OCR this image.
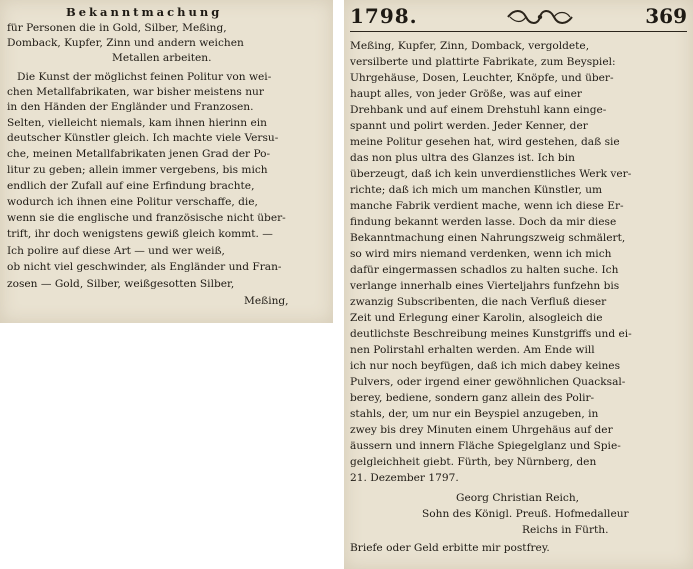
Bekanntmachung
für Personen die in Gold, Silber, Meßing,
Domback, Kupfer, Zinn und andern weichen
Metallen arbeiten.
Die Kunst der möglichst feinen Politur von wei-
chen Metallfabrikaten, war bisher meistens nur
in den Händen der Engländer und Franzosen.
Selten, vielleicht niemals, kam ihnen hierinn ein
deutscher Künstler gleich. Ich machte viele Versu-
che, meinen Metallfabrikaten jenen Grad der Po-
litur zu geben; allein immer vergebens, bis mich
endlich der Zufall auf eine Erfindung brachte,
wodurch ich ihnen eine Politur verschaffe, die,
wenn sie die englische und französische nicht über-
trift, ihr doch wenigstens gewiß gleich kommt. —
Ich polire auf diese Art — und wer weiß,
ob nicht viel geschwinder, als Engländer und Fran-
zosen — Gold, Silber, weißgesotten Silber,
Meßing,
1798.	369
Meßing, Kupfer, Zinn, Domback, vergoldete,
versilberte und plattirte Fabrikate, zum Beyspiel:
Uhrgehäuse, Dosen, Leuchter, Knöpfe, und über-
haupt alles, von jeder Größe, was auf einer
Drehbank und auf einem Drehstuhl kann einge-
spannt und polirt werden. Jeder Kenner, der
meine Politur gesehen hat, wird gestehen, daß sie
das non plus ultra des Glanzes ist. Ich bin
überzeugt, daß ich kein unverdienstliches Werk ver-
richte; daß ich mich um manchen Künstler, um
manche Fabrik verdient mache, wenn ich diese Er-
findung bekannt werden lasse. Doch da mir diese
Bekanntmachung einen Nahrungszweig schmälert,
so wird mirs niemand verdenken, wenn ich mich
dafür eingermassen schadlos zu halten suche. Ich
verlange innerhalb eines Vierteljahrs funfzehn bis
zwanzig Subscribenten, die nach Verfluß dieser
Zeit und Erlegung einer Karolin, alsogleich die
deutlichste Beschreibung meines Kunstgriffs und ei-
nen Polirstahl erhalten werden. Am Ende will
ich nur noch beyfügen, daß ich mich dabey keines
Pulvers, oder irgend einer gewöhnlichen Quacksal-
berey, bediene, sondern ganz allein des Polir-
stahls, der, um nur ein Beyspiel anzugeben, in
zwey bis drey Minuten einem Uhrgehäus auf der
äussern und innern Fläche Spiegelglanz und Spie-
gelgleichheit giebt. Fürth, bey Nürnberg, den
21. Dezember 1797.
Georg Christian Reich,
Sohn des Königl. Preuß. Hofmedalleur
Reichs in Fürth.
Briefe oder Geld erbitte mir postfrey.
